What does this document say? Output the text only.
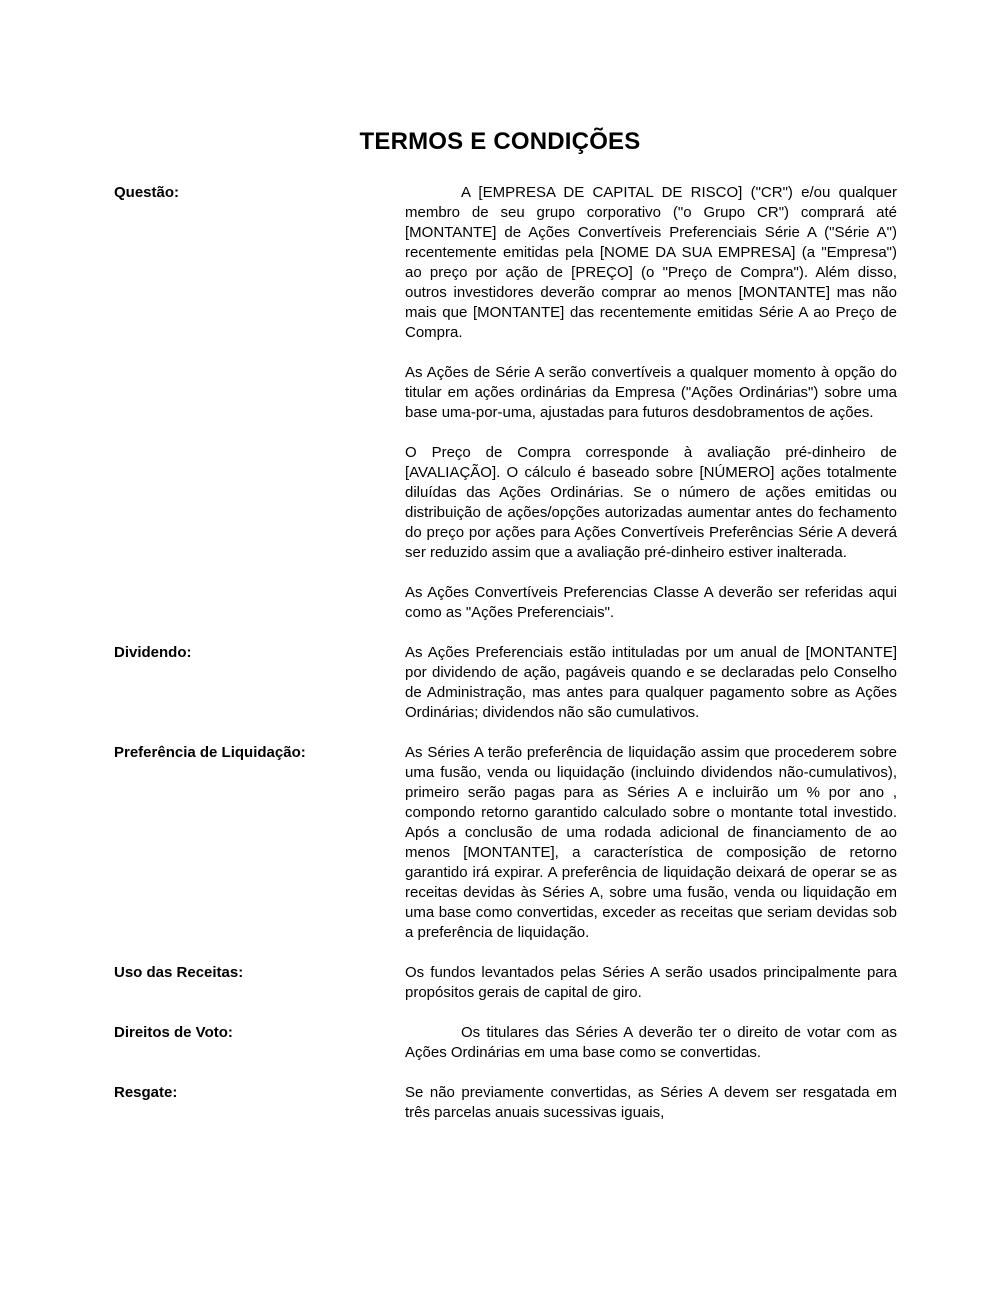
TERMOS E CONDIÇÕES
Questão:	A [EMPRESA DE CAPITAL DE RISCO] ("CR") e/ou qualquer membro de seu grupo corporativo ("o Grupo CR") comprará até [MONTANTE] de Ações Convertíveis Preferenciais Série A ("Série A") recentemente emitidas pela [NOME DA SUA EMPRESA] (a "Empresa") ao preço por ação de [PREÇO] (o "Preço de Compra"). Além disso, outros investidores deverão comprar ao menos [MONTANTE] mas não mais que [MONTANTE] das recentemente emitidas Série A ao Preço de Compra.

As Ações de Série A serão convertíveis a qualquer momento à opção do titular em ações ordinárias da Empresa ("Ações Ordinárias") sobre uma base uma-por-uma, ajustadas para futuros desdobramentos de ações.

O Preço de Compra corresponde à avaliação pré-dinheiro de [AVALIAÇÃO]. O cálculo é baseado sobre [NÚMERO] ações totalmente diluídas das Ações Ordinárias. Se o número de ações emitidas ou distribuição de ações/opções autorizadas aumentar antes do fechamento do preço por ações para Ações Convertíveis Preferências Série A deverá ser reduzido assim que a avaliação pré-dinheiro estiver inalterada.

As Ações Convertíveis Preferencias Classe A deverão ser referidas aqui como as "Ações Preferenciais".

Dividendo:	As Ações Preferenciais estão intituladas por um anual de [MONTANTE] por dividendo de ação, pagáveis quando e se declaradas pelo Conselho de Administração, mas antes para qualquer pagamento sobre as Ações Ordinárias; dividendos não são cumulativos.

Preferência de Liquidação:	As Séries A terão preferência de liquidação assim que procederem sobre uma fusão, venda ou liquidação (incluindo dividendos não-cumulativos), primeiro serão pagas para as Séries A e incluirão um % por ano , compondo retorno garantido calculado sobre o montante total investido. Após a conclusão de uma rodada adicional de financiamento de ao menos [MONTANTE], a característica de composição de retorno garantido irá expirar. A preferência de liquidação deixará de operar se as receitas devidas às Séries A, sobre uma fusão, venda ou liquidação em uma base como convertidas, exceder as receitas que seriam devidas sob a preferência de liquidação.

Uso das Receitas:	Os fundos levantados pelas Séries A serão usados principalmente para propósitos gerais de capital de giro.

Direitos de Voto:	Os titulares das Séries A deverão ter o direito de votar com as Ações Ordinárias em uma base como se convertidas.

Resgate:	Se não previamente convertidas, as Séries A devem ser resgatada em três parcelas anuais sucessivas iguais,
